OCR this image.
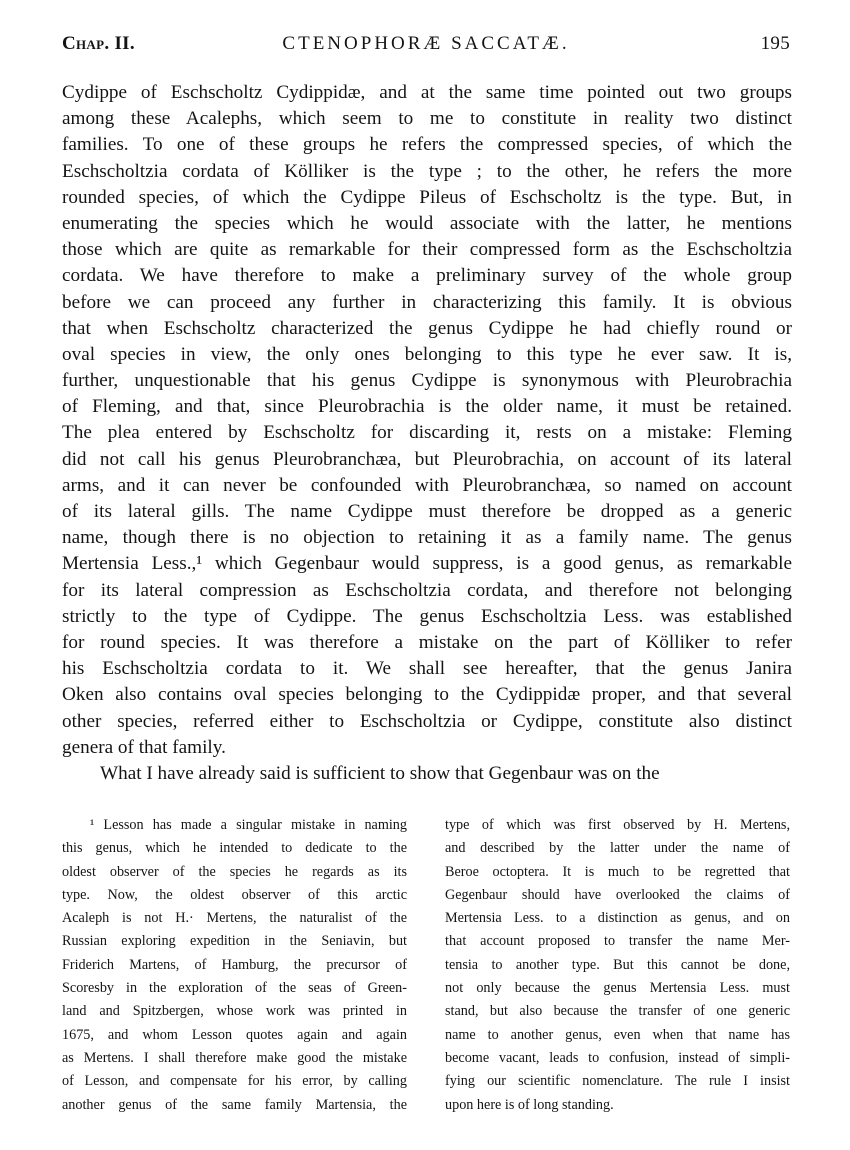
Chap. II.	CTENOPHORÆ SACCATÆ.	195
Cydippe of Eschscholtz Cydippidæ, and at the same time pointed out two groups
among these Acalephs, which seem to me to constitute in reality two distinct
families. To one of these groups he refers the compressed species, of which the
Eschscholtzia cordata of Kölliker is the type ; to the other, he refers the more
rounded species, of which the Cydippe Pileus of Eschscholtz is the type. But, in
enumerating the species which he would associate with the latter, he mentions
those which are quite as remarkable for their compressed form as the Eschscholtzia
cordata. We have therefore to make a preliminary survey of the whole group
before we can proceed any further in characterizing this family. It is obvious
that when Eschscholtz characterized the genus Cydippe he had chiefly round or
oval species in view, the only ones belonging to this type he ever saw. It is,
further, unquestionable that his genus Cydippe is synonymous with Pleurobrachia
of Fleming, and that, since Pleurobrachia is the older name, it must be retained.
The plea entered by Eschscholtz for discarding it, rests on a mistake: Fleming
did not call his genus Pleurobranchæa, but Pleurobrachia, on account of its lateral
arms, and it can never be confounded with Pleurobranchæa, so named on account
of its lateral gills. The name Cydippe must therefore be dropped as a generic
name, though there is no objection to retaining it as a family name. The genus
Mertensia Less.,¹ which Gegenbaur would suppress, is a good genus, as remarkable
for its lateral compression as Eschscholtzia cordata, and therefore not belonging
strictly to the type of Cydippe. The genus Eschscholtzia Less. was established
for round species. It was therefore a mistake on the part of Kölliker to refer
his Eschscholtzia cordata to it. We shall see hereafter, that the genus Janira
Oken also contains oval species belonging to the Cydippidæ proper, and that several
other species, referred either to Eschscholtzia or Cydippe, constitute also distinct
genera of that family.
What I have already said is sufficient to show that Gegenbaur was on the
¹ Lesson has made a singular mistake in naming
this genus, which he intended to dedicate to the
oldest observer of the species he regards as its
type. Now, the oldest observer of this arctic
Acaleph is not H.· Mertens, the naturalist of the
Russian exploring expedition in the Seniavin, but
Friderich Martens, of Hamburg, the precursor of
Scoresby in the exploration of the seas of Green-
land and Spitzbergen, whose work was printed in
1675, and whom Lesson quotes again and again
as Mertens. I shall therefore make good the mistake
of Lesson, and compensate for his error, by calling
another genus of the same family Martensia, the
type of which was first observed by H. Mertens,
and described by the latter under the name of
Beroe octoptera. It is much to be regretted that
Gegenbaur should have overlooked the claims of
Mertensia Less. to a distinction as genus, and on
that account proposed to transfer the name Mer-
tensia to another type. But this cannot be done,
not only because the genus Mertensia Less. must
stand, but also because the transfer of one generic
name to another genus, even when that name has
become vacant, leads to confusion, instead of simpli-
fying our scientific nomenclature. The rule I insist
upon here is of long standing.
